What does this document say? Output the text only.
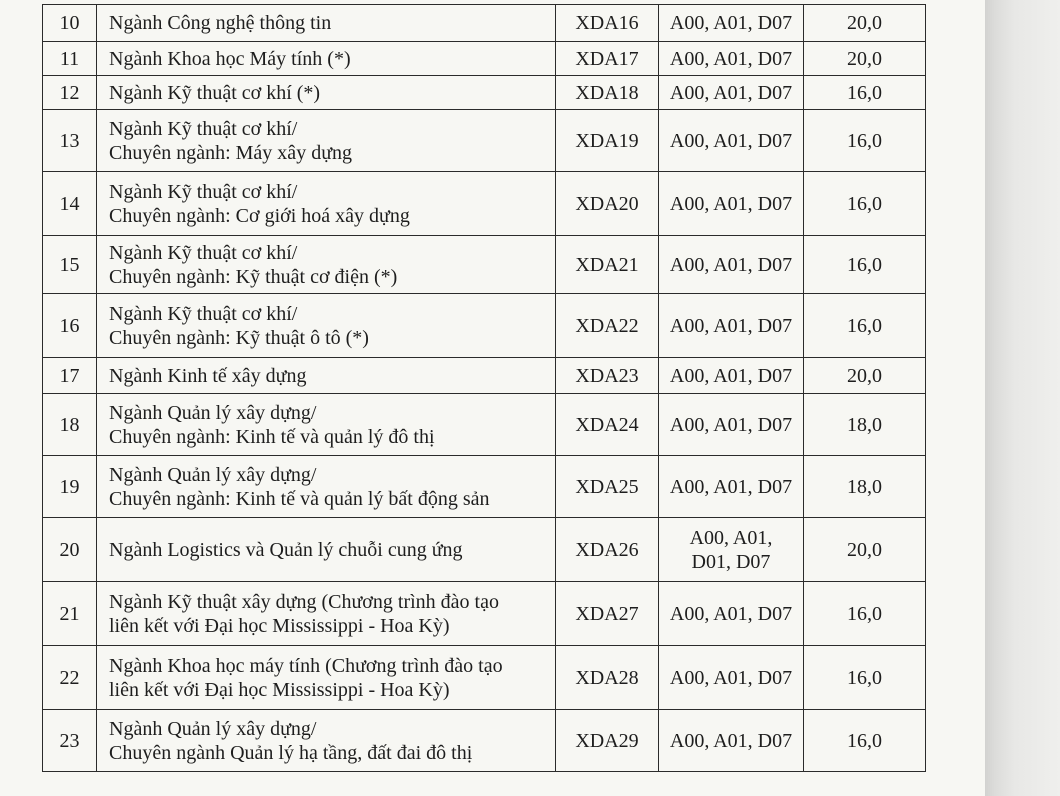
10	Ngành Công nghệ thông tin	XDA16	A00, A01, D07	20,0
11	Ngành Khoa học Máy tính (*)	XDA17	A00, A01, D07	20,0
12	Ngành Kỹ thuật cơ khí (*)	XDA18	A00, A01, D07	16,0
13	Ngành Kỹ thuật cơ khí/
Chuyên ngành: Máy xây dựng	XDA19	A00, A01, D07	16,0
14	Ngành Kỹ thuật cơ khí/
Chuyên ngành: Cơ giới hoá xây dựng	XDA20	A00, A01, D07	16,0
15	Ngành Kỹ thuật cơ khí/
Chuyên ngành: Kỹ thuật cơ điện (*)	XDA21	A00, A01, D07	16,0
16	Ngành Kỹ thuật cơ khí/
Chuyên ngành: Kỹ thuật ô tô (*)	XDA22	A00, A01, D07	16,0
17	Ngành Kinh tế xây dựng	XDA23	A00, A01, D07	20,0
18	Ngành Quản lý xây dựng/
Chuyên ngành: Kinh tế và quản lý đô thị	XDA24	A00, A01, D07	18,0
19	Ngành Quản lý xây dựng/
Chuyên ngành: Kinh tế và quản lý bất động sản	XDA25	A00, A01, D07	18,0
20	Ngành Logistics và Quản lý chuỗi cung ứng	XDA26	A00, A01,
D01, D07	20,0
21	Ngành Kỹ thuật xây dựng (Chương trình đào tạo
liên kết với Đại học Mississippi - Hoa Kỳ)	XDA27	A00, A01, D07	16,0
22	Ngành Khoa học máy tính (Chương trình đào tạo
liên kết với Đại học Mississippi - Hoa Kỳ)	XDA28	A00, A01, D07	16,0
23	Ngành Quản lý xây dựng/
Chuyên ngành Quản lý hạ tầng, đất đai đô thị	XDA29	A00, A01, D07	16,0
